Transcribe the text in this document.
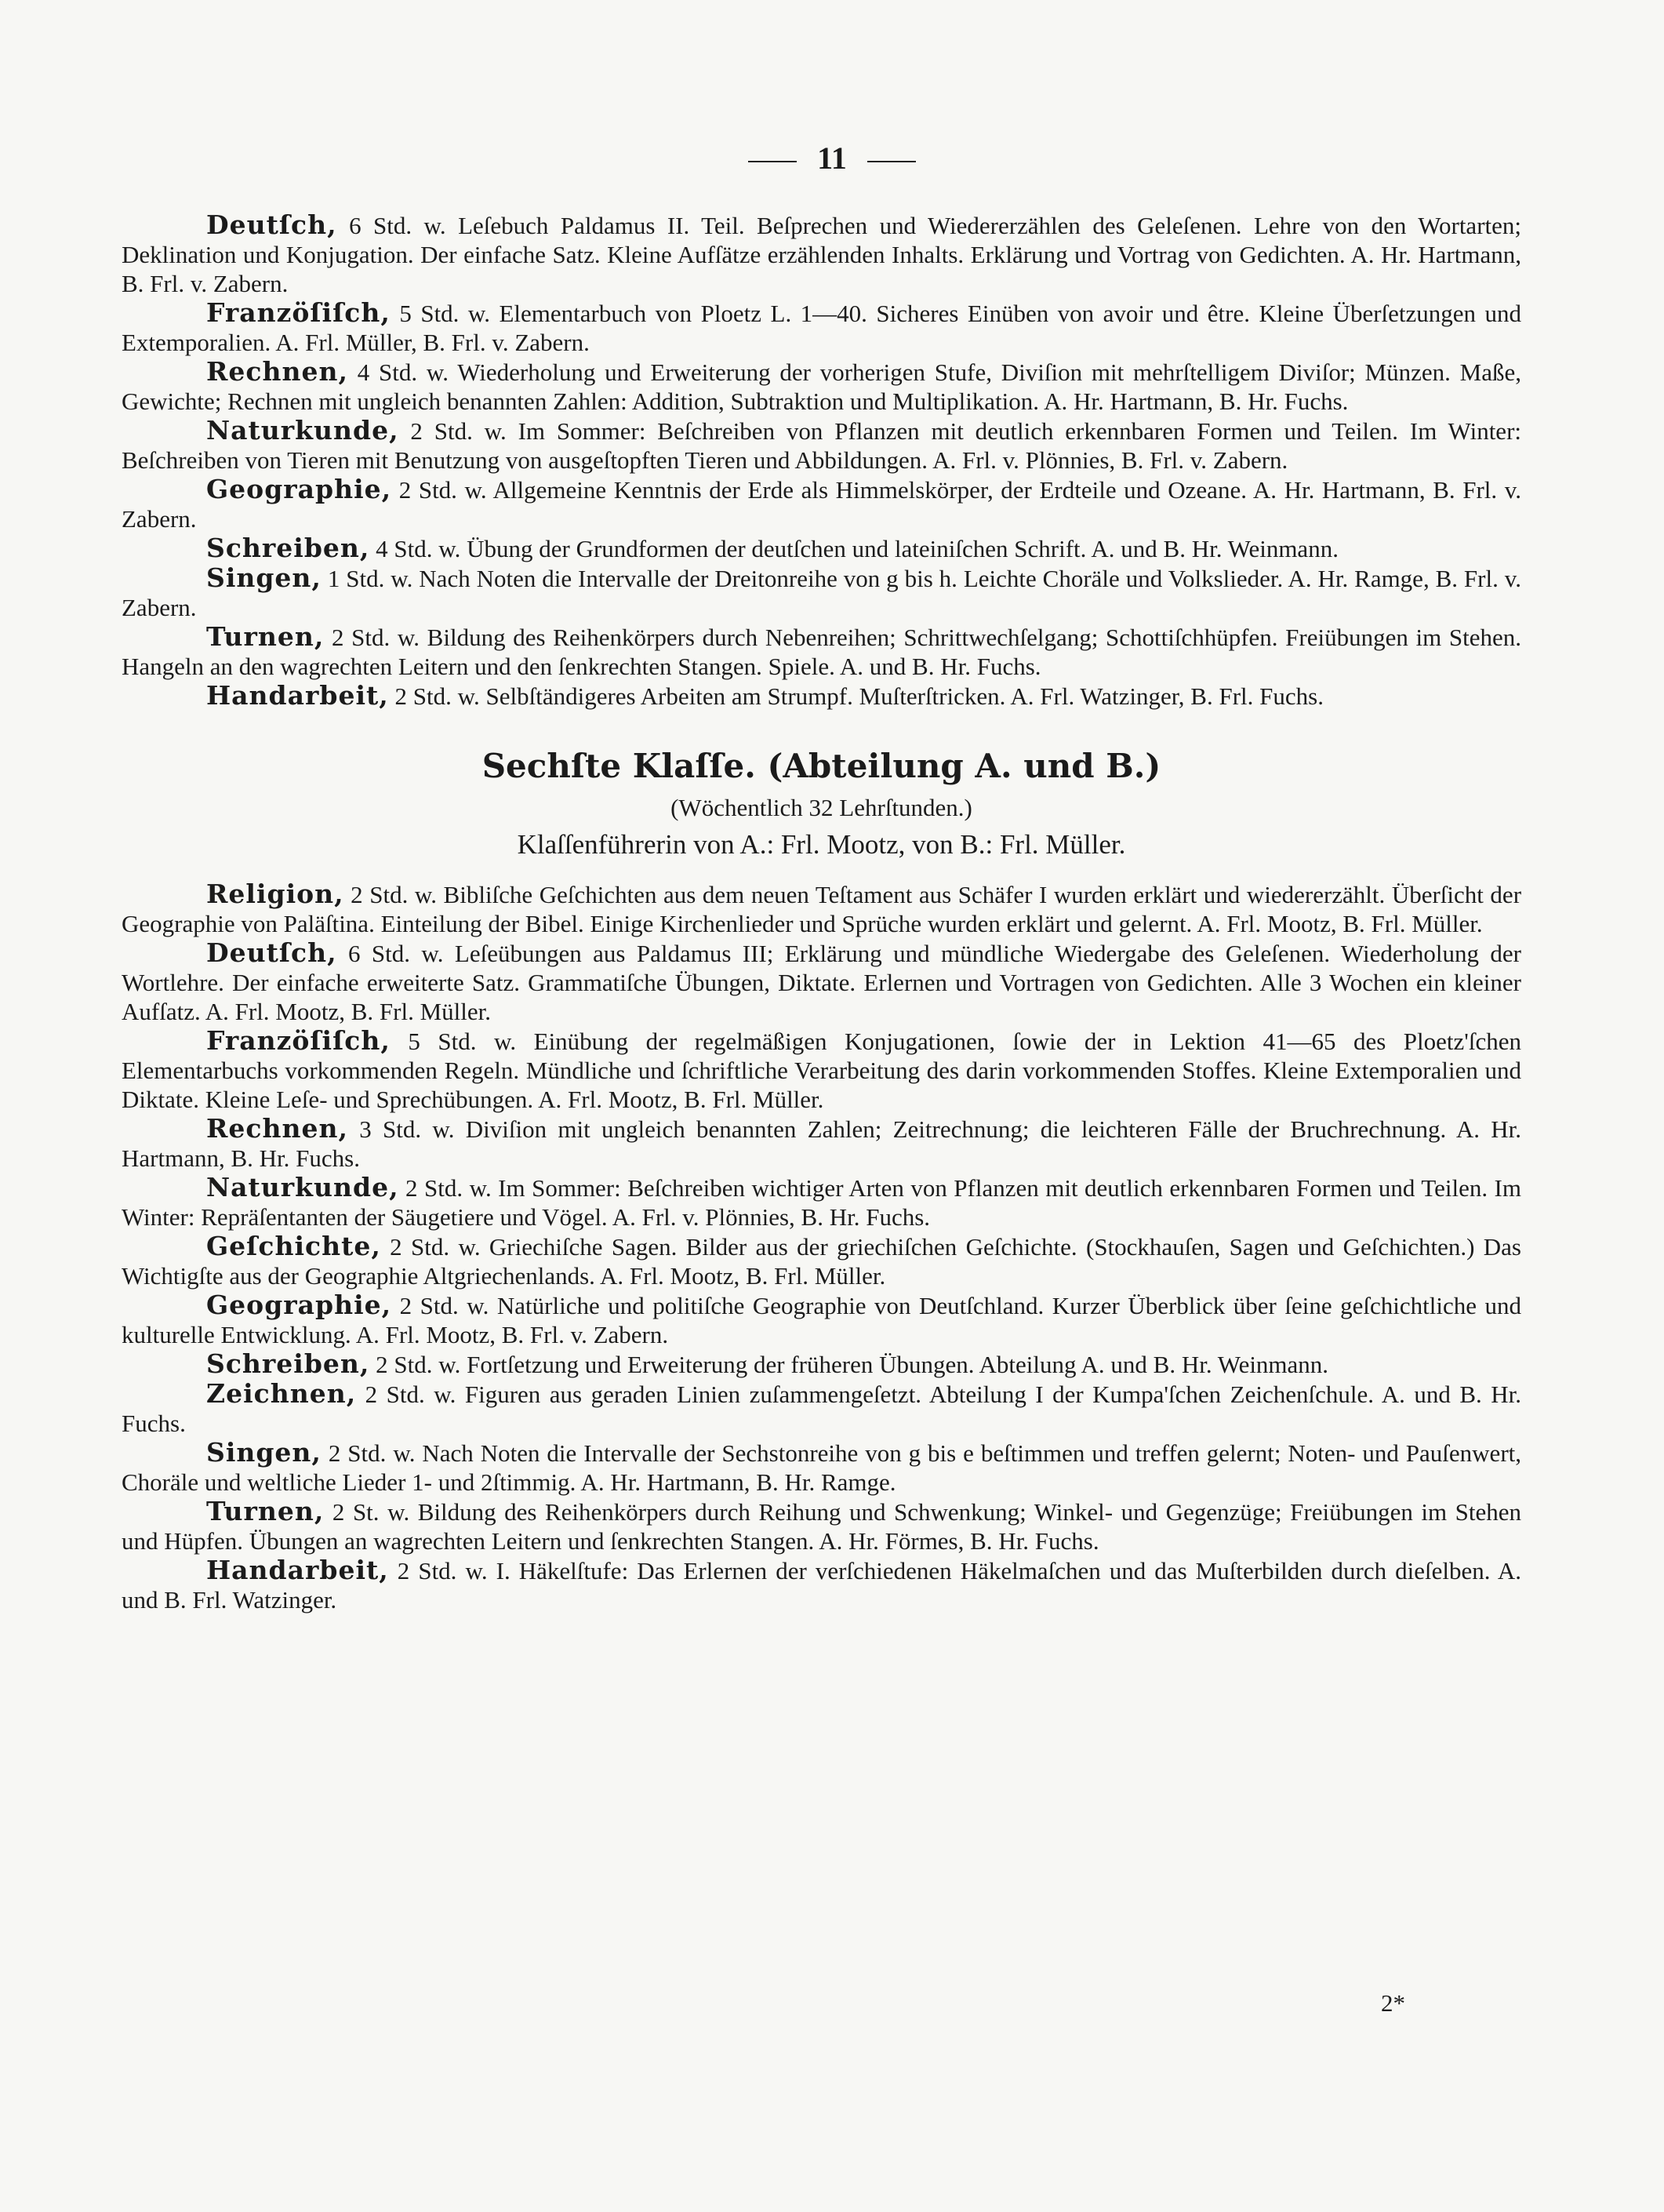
11

Deutſch, 6 Std. w. Leſebuch Paldamus II. Teil. Beſprechen und Wiedererzählen des Geleſenen. Lehre von den Wortarten; Deklination und Konjugation. Der einfache Satz. Kleine Aufſätze erzählenden Inhalts. Erklärung und Vortrag von Gedichten. A. Hr. Hartmann, B. Frl. v. Zabern.

Franzöſiſch, 5 Std. w. Elementarbuch von Ploetz L. 1—40. Sicheres Einüben von avoir und être. Kleine Überſetzungen und Extemporalien. A. Frl. Müller, B. Frl. v. Zabern.

Rechnen, 4 Std. w. Wiederholung und Erweiterung der vorherigen Stufe, Diviſion mit mehrſtelligem Diviſor; Münzen. Maße, Gewichte; Rechnen mit ungleich benannten Zahlen: Addition, Subtraktion und Multiplikation. A. Hr. Hartmann, B. Hr. Fuchs.

Naturkunde, 2 Std. w. Im Sommer: Beſchreiben von Pflanzen mit deutlich erkennbaren Formen und Teilen. Im Winter: Beſchreiben von Tieren mit Benutzung von ausgeſtopften Tieren und Abbildungen. A. Frl. v. Plönnies, B. Frl. v. Zabern.

Geographie, 2 Std. w. Allgemeine Kenntnis der Erde als Himmelskörper, der Erdteile und Ozeane. A. Hr. Hartmann, B. Frl. v. Zabern.

Schreiben, 4 Std. w. Übung der Grundformen der deutſchen und lateiniſchen Schrift. A. und B. Hr. Weinmann.

Singen, 1 Std. w. Nach Noten die Intervalle der Dreitonreihe von g bis h. Leichte Choräle und Volkslieder. A. Hr. Ramge, B. Frl. v. Zabern.

Turnen, 2 Std. w. Bildung des Reihenkörpers durch Nebenreihen; Schrittwechſelgang; Schottiſchhüpfen. Freiübungen im Stehen. Hangeln an den wagrechten Leitern und den ſenkrechten Stangen. Spiele. A. und B. Hr. Fuchs.

Handarbeit, 2 Std. w. Selbſtändigeres Arbeiten am Strumpf. Muſterſtricken. A. Frl. Watzinger, B. Frl. Fuchs.

Sechſte Klaſſe. (Abteilung A. und B.)
(Wöchentlich 32 Lehrſtunden.)
Klaſſenführerin von A.: Frl. Mootz, von B.: Frl. Müller.

Religion, 2 Std. w. Bibliſche Geſchichten aus dem neuen Teſtament aus Schäfer I wurden erklärt und wiedererzählt. Überſicht der Geographie von Paläſtina. Einteilung der Bibel. Einige Kirchenlieder und Sprüche wurden erklärt und gelernt. A. Frl. Mootz, B. Frl. Müller.

Deutſch, 6 Std. w. Leſeübungen aus Paldamus III; Erklärung und mündliche Wiedergabe des Geleſenen. Wiederholung der Wortlehre. Der einfache erweiterte Satz. Grammatiſche Übungen, Diktate. Erlernen und Vortragen von Gedichten. Alle 3 Wochen ein kleiner Aufſatz. A. Frl. Mootz, B. Frl. Müller.

Franzöſiſch, 5 Std. w. Einübung der regelmäßigen Konjugationen, ſowie der in Lektion 41—65 des Ploetz'ſchen Elementarbuchs vorkommenden Regeln. Mündliche und ſchriftliche Verarbeitung des darin vorkommenden Stoffes. Kleine Extemporalien und Diktate. Kleine Leſe- und Sprechübungen. A. Frl. Mootz, B. Frl. Müller.

Rechnen, 3 Std. w. Diviſion mit ungleich benannten Zahlen; Zeitrechnung; die leichteren Fälle der Bruchrechnung. A. Hr. Hartmann, B. Hr. Fuchs.

Naturkunde, 2 Std. w. Im Sommer: Beſchreiben wichtiger Arten von Pflanzen mit deutlich erkennbaren Formen und Teilen. Im Winter: Repräſentanten der Säugetiere und Vögel. A. Frl. v. Plönnies, B. Hr. Fuchs.

Geſchichte, 2 Std. w. Griechiſche Sagen. Bilder aus der griechiſchen Geſchichte. (Stockhauſen, Sagen und Geſchichten.) Das Wichtigſte aus der Geographie Altgriechenlands. A. Frl. Mootz, B. Frl. Müller.

Geographie, 2 Std. w. Natürliche und politiſche Geographie von Deutſchland. Kurzer Überblick über ſeine geſchichtliche und kulturelle Entwicklung. A. Frl. Mootz, B. Frl. v. Zabern.

Schreiben, 2 Std. w. Fortſetzung und Erweiterung der früheren Übungen. Abteilung A. und B. Hr. Weinmann.

Zeichnen, 2 Std. w. Figuren aus geraden Linien zuſammengeſetzt. Abteilung I der Kumpa'ſchen Zeichenſchule. A. und B. Hr. Fuchs.

Singen, 2 Std. w. Nach Noten die Intervalle der Sechstonreihe von g bis e beſtimmen und treffen gelernt; Noten- und Pauſenwert, Choräle und weltliche Lieder 1- und 2ſtimmig. A. Hr. Hartmann, B. Hr. Ramge.

Turnen, 2 St. w. Bildung des Reihenkörpers durch Reihung und Schwenkung; Winkel- und Gegenzüge; Freiübungen im Stehen und Hüpfen. Übungen an wagrechten Leitern und ſenkrechten Stangen. A. Hr. Förmes, B. Hr. Fuchs.

Handarbeit, 2 Std. w. I. Häkelſtufe: Das Erlernen der verſchiedenen Häkelmaſchen und das Muſterbilden durch dieſelben. A. und B. Frl. Watzinger.

2*
